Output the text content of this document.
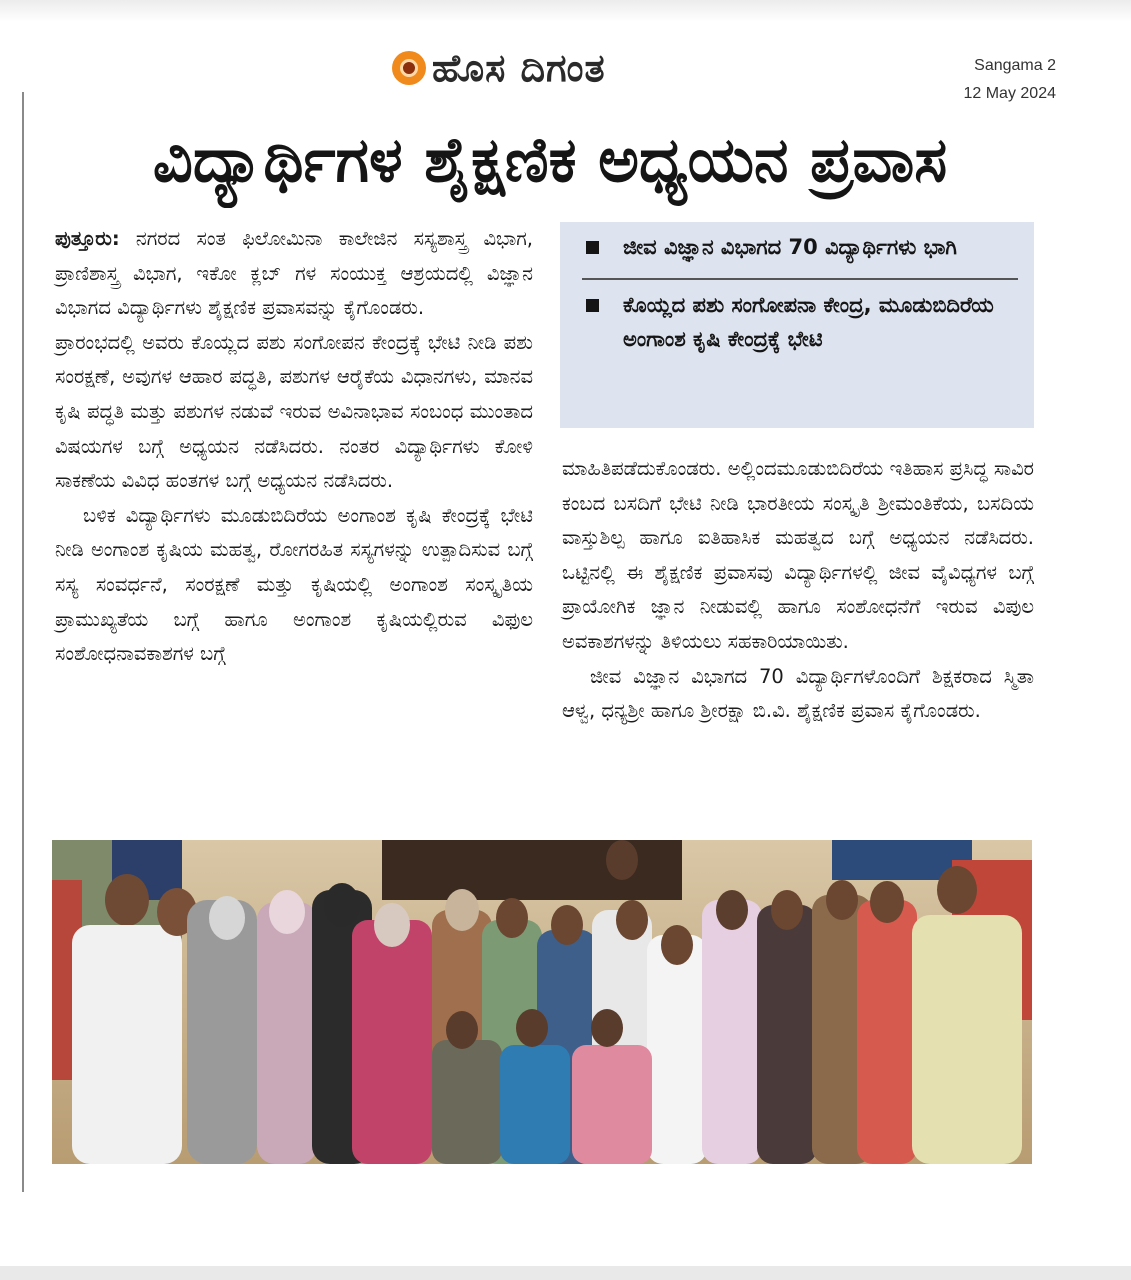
ಹೊಸ ದಿಗಂತ	Sangama 2
12 May 2024
ವಿದ್ಯಾರ್ಥಿಗಳ ಶೈಕ್ಷಣಿಕ ಅಧ್ಯಯನ ಪ್ರವಾಸ

ಪುತ್ತೂರು: ನಗರದ ಸಂತ ಫಿಲೋಮಿನಾ ಕಾಲೇಜಿನ ಸಸ್ಯಶಾಸ್ತ್ರ ವಿಭಾಗ, ಪ್ರಾಣಿಶಾಸ್ತ್ರ ವಿಭಾಗ, ಇಕೋ ಕ್ಲಬ್ ಗಳ ಸಂಯುಕ್ತ ಆಶ್ರಯದಲ್ಲಿ ವಿಜ್ಞಾನ ವಿಭಾಗದ ವಿದ್ಯಾರ್ಥಿಗಳು ಶೈಕ್ಷಣಿಕ ಪ್ರವಾಸವನ್ನು ಕೈಗೊಂಡರು.

ಪ್ರಾರಂಭದಲ್ಲಿ ಅವರು ಕೊಯ್ಲದ ಪಶು ಸಂಗೋಪನ ಕೇಂದ್ರಕ್ಕೆ ಭೇಟಿ ನೀಡಿ ಪಶು ಸಂರಕ್ಷಣೆ, ಅವುಗಳ ಆಹಾರ ಪದ್ಧತಿ, ಪಶುಗಳ ಆರೈಕೆಯ ವಿಧಾನಗಳು, ಮಾನವ ಕೃಷಿ ಪದ್ಧತಿ ಮತ್ತು ಪಶುಗಳ ನಡುವೆ ಇರುವ ಅವಿನಾಭಾವ ಸಂಬಂಧ ಮುಂತಾದ ವಿಷಯಗಳ ಬಗ್ಗೆ ಅಧ್ಯಯನ ನಡೆಸಿದರು. ನಂತರ ವಿದ್ಯಾರ್ಥಿಗಳು ಕೋಳಿ ಸಾಕಣೆಯ ವಿವಿಧ ಹಂತಗಳ ಬಗ್ಗೆ ಅಧ್ಯಯನ ನಡೆಸಿದರು.

ಬಳಿಕ ವಿದ್ಯಾರ್ಥಿಗಳು ಮೂಡುಬಿದಿರೆಯ ಅಂಗಾಂಶ ಕೃಷಿ ಕೇಂದ್ರಕ್ಕೆ ಭೇಟಿ ನೀಡಿ ಅಂಗಾಂಶ ಕೃಷಿಯ ಮಹತ್ವ, ರೋಗರಹಿತ ಸಸ್ಯಗಳನ್ನು ಉತ್ಪಾದಿಸುವ ಬಗ್ಗೆ ಸಸ್ಯ ಸಂವರ್ಧನೆ, ಸಂರಕ್ಷಣೆ ಮತ್ತು ಕೃಷಿಯಲ್ಲಿ ಅಂಗಾಂಶ ಸಂಸ್ಕೃತಿಯ ಪ್ರಾಮುಖ್ಯತೆಯ ಬಗ್ಗೆ ಹಾಗೂ ಅಂಗಾಂಶ ಕೃಷಿಯಲ್ಲಿರುವ ವಿಫುಲ ಸಂಶೋಧನಾವಕಾಶಗಳ ಬಗ್ಗೆ

ಜೀವ ವಿಜ್ಞಾನ ವಿಭಾಗದ 70 ವಿದ್ಯಾರ್ಥಿಗಳು ಭಾಗಿ
ಕೊಯ್ಲದ ಪಶು ಸಂಗೋಪನಾ ಕೇಂದ್ರ, ಮೂಡುಬಿದಿರೆಯ ಅಂಗಾಂಶ ಕೃಷಿ ಕೇಂದ್ರಕ್ಕೆ ಭೇಟಿ

ಮಾಹಿತಿಪಡೆದುಕೊಂಡರು. ಅಲ್ಲಿಂದಮೂಡುಬಿದಿರೆಯ ಇತಿಹಾಸ ಪ್ರಸಿದ್ಧ ಸಾವಿರ ಕಂಬದ ಬಸದಿಗೆ ಭೇಟಿ ನೀಡಿ ಭಾರತೀಯ ಸಂಸ್ಕೃತಿ ಶ್ರೀಮಂತಿಕೆಯ, ಬಸದಿಯ ವಾಸ್ತುಶಿಲ್ಪ ಹಾಗೂ ಐತಿಹಾಸಿಕ ಮಹತ್ವದ ಬಗ್ಗೆ ಅಧ್ಯಯನ ನಡೆಸಿದರು. ಒಟ್ಟಿನಲ್ಲಿ ಈ ಶೈಕ್ಷಣಿಕ ಪ್ರವಾಸವು ವಿದ್ಯಾರ್ಥಿಗಳಲ್ಲಿ ಜೀವ ವೈವಿಧ್ಯಗಳ ಬಗ್ಗೆ ಪ್ರಾಯೋಗಿಕ ಜ್ಞಾನ ನೀಡುವಲ್ಲಿ ಹಾಗೂ ಸಂಶೋಧನೆಗೆ ಇರುವ ವಿಪುಲ ಅವಕಾಶಗಳನ್ನು ತಿಳಿಯಲು ಸಹಕಾರಿಯಾಯಿತು.

ಜೀವ ವಿಜ್ಞಾನ ವಿಭಾಗದ 70 ವಿದ್ಯಾರ್ಥಿಗಳೊಂದಿಗೆ ಶಿಕ್ಷಕರಾದ ಸ್ಮಿತಾ ಆಳ್ವ, ಧನ್ಯಶ್ರೀ ಹಾಗೂ ಶ್ರೀರಕ್ಷಾ ಬಿ.ವಿ. ಶೈಕ್ಷಣಿಕ ಪ್ರವಾಸ ಕೈಗೊಂಡರು.
